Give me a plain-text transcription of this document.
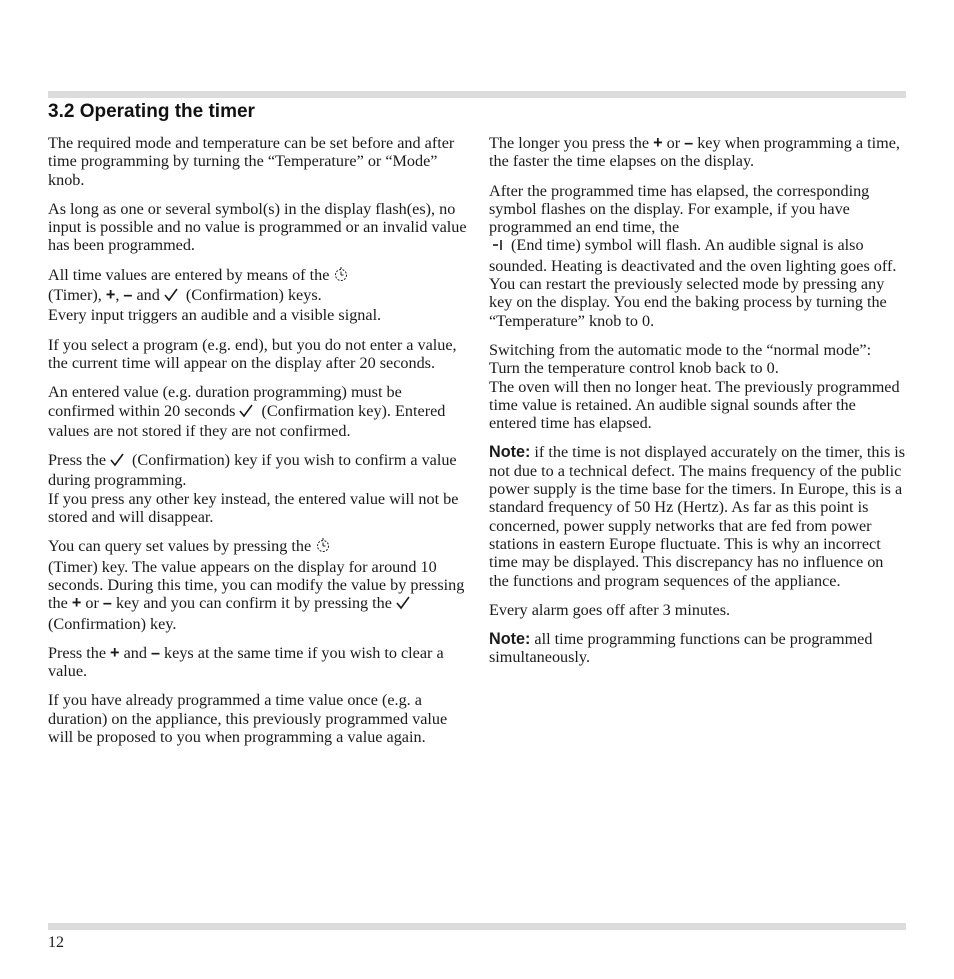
3.2 Operating the timer

The required mode and temperature can be set before and after time programming by turning the “Temperature” or “Mode” knob.

As long as one or several symbol(s) in the display flash(es), no input is possible and no value is programmed or an invalid value has been programmed.

All time values are entered by means of the
(Timer), +, – and (Confirmation) keys.
Every input triggers an audible and a visible signal.

If you select a program (e.g. end), but you do not enter a value, the current time will appear on the display after 20 seconds.

An entered value (e.g. duration programming) must be confirmed within 20 seconds (Confirmation key). Entered values are not stored if they are not confirmed.

Press the (Confirmation) key if you wish to confirm a value during programming.
If you press any other key instead, the entered value will not be stored and will disappear.

You can query set values by pressing the
(Timer) key. The value appears on the display for around 10 seconds. During this time, you can modify the value by pressing the + or – key and you can confirm it by pressing the(Confirmation) key.

Press the + and – keys at the same time if you wish to clear a value.

If you have already programmed a time value once (e.g. a duration) on the appliance, this previously programmed value will be proposed to you when programming a value again.

The longer you press the + or – key when programming a time, the faster the time elapses on the display.

After the programmed time has elapsed, the corresponding symbol flashes on the display. For example, if you have programmed an end time, the
(End time) symbol will flash. An audible signal is also sounded. Heating is deactivated and the oven lighting goes off. You can restart the previously selected mode by pressing any key on the display. You end the baking process by turning the “Temperature” knob to 0.

Switching from the automatic mode to the “normal mode”:
Turn the temperature control knob back to 0.
The oven will then no longer heat. The previously programmed time value is retained. An audible signal sounds after the entered time has elapsed.

Note: if the time is not displayed accurately on the timer, this is not due to a technical defect. The mains frequency of the public power supply is the time base for the timers. In Europe, this is a standard frequency of 50 Hz (Hertz). As far as this point is concerned, power supply networks that are fed from power stations in eastern Europe fluctuate. This is why an incorrect time may be displayed. This discrepancy has no influence on the functions and program sequences of the appliance.

Every alarm goes off after 3 minutes.

Note: all time programming functions can be programmed simultaneously.

12
